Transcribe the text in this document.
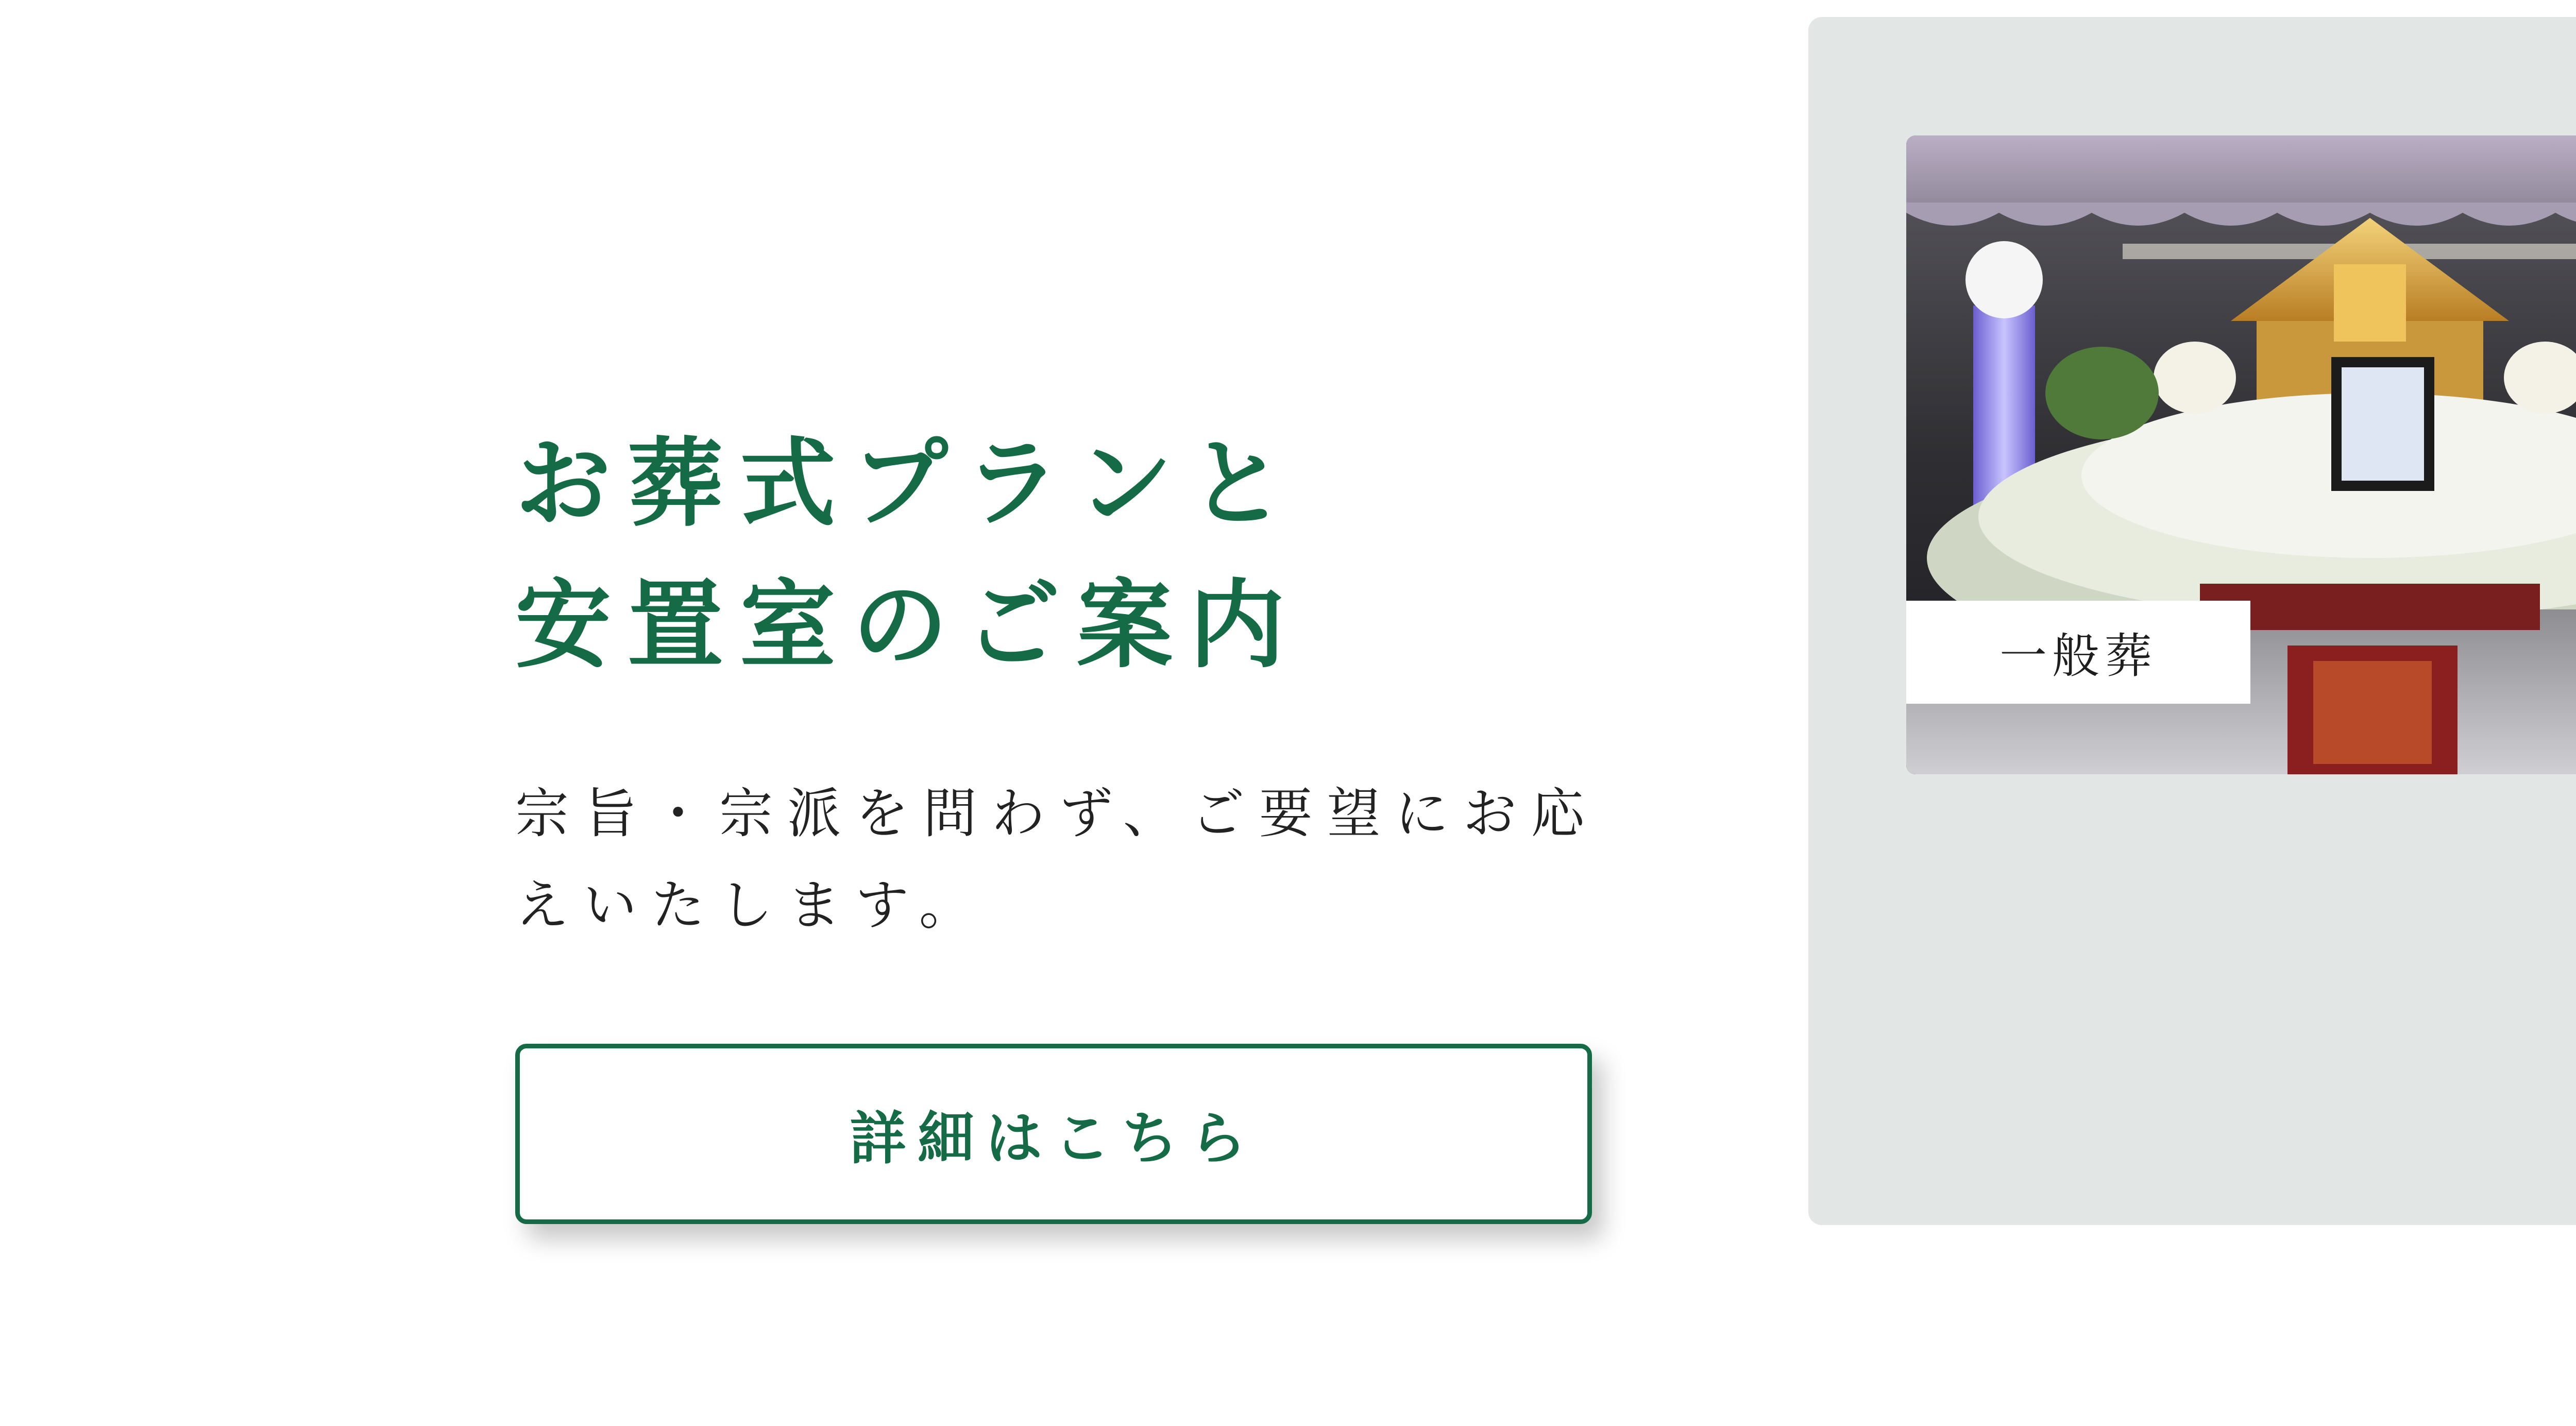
お葬式プランと
安置室のご案内

宗旨・宗派を問わず、ご要望にお応
えいたします。

詳細はこちら
一般葬
